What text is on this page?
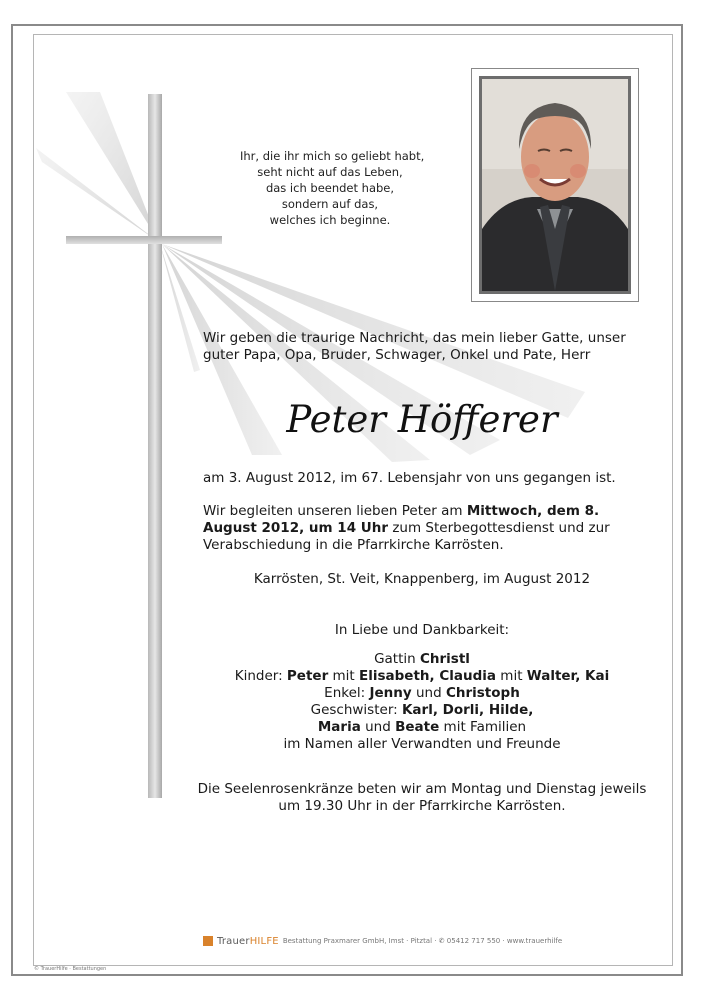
Ihr, die ihr mich so geliebt habt,
seht nicht auf das Leben,
das ich beendet habe,
sondern auf das,
welches ich beginne.
Wir geben die traurige Nachricht, das mein lieber Gatte, unser guter Papa, Opa, Bruder, Schwager, Onkel und Pate, Herr
Peter Höfferer
am 3. August 2012, im 67. Lebensjahr von uns gegangen ist.
Wir begleiten unseren lieben Peter am Mittwoch, dem 8. August 2012, um 14 Uhr zum Sterbegottesdienst und zur Verabschiedung in die Pfarrkirche Karrösten.
Karrösten, St. Veit, Knappenberg, im August 2012
In Liebe und Dankbarkeit:
Gattin Christl
Kinder: Peter mit Elisabeth, Claudia mit Walter, Kai
Enkel: Jenny und Christoph
Geschwister: Karl, Dorli, Hilde,
Maria und Beate mit Familien
im Namen aller Verwandten und Freunde
Die Seelenrosenkränze beten wir am Montag und Dienstag jeweils
um 19.30 Uhr in der Pfarrkirche Karrösten.
TrauerHILFE Bestattung Praxmarer GmbH, Imst · Pitztal · ✆ 05412 717 550 · www.trauerhilfe
© TrauerHilfe · Bestattungen
